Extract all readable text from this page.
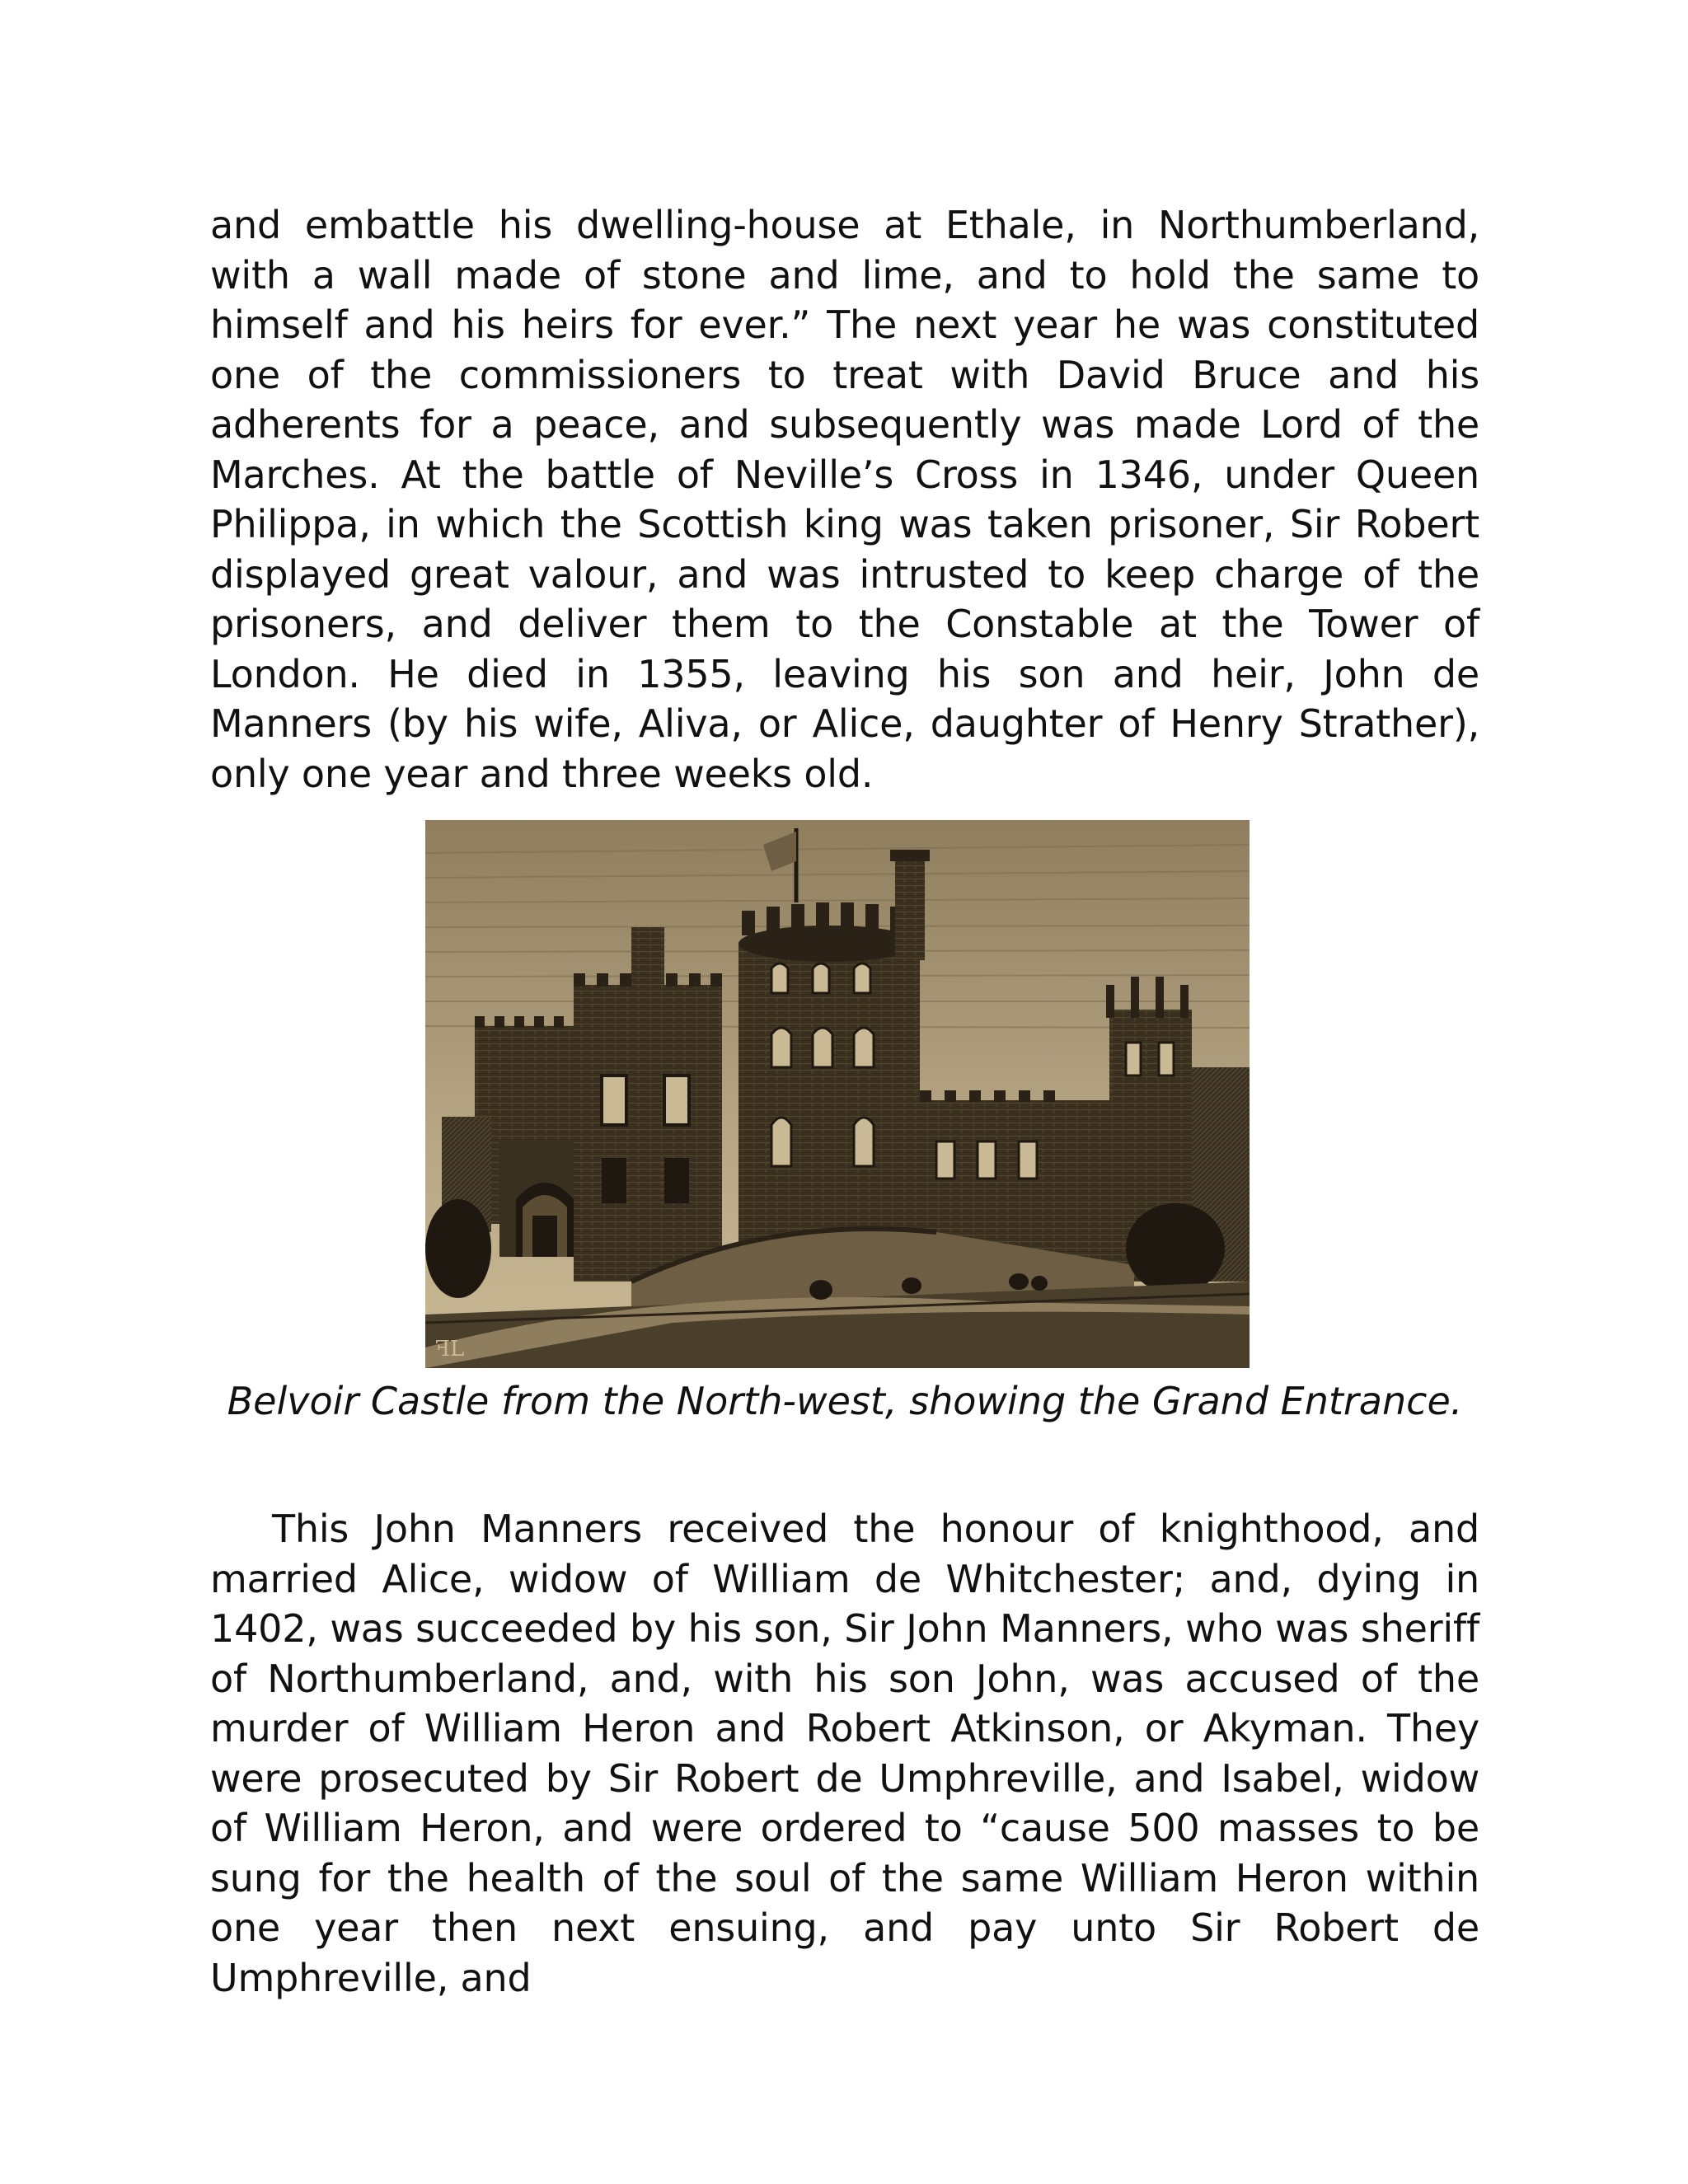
and embattle his dwelling-house at Ethale, in Northumberland, with a wall made of stone and lime, and to hold the same to himself and his heirs for ever.” The next year he was constituted one of the commissioners to treat with David Bruce and his adherents for a peace, and subsequently was made Lord of the Marches. At the battle of Neville’s Cross in 1346, under Queen Philippa, in which the Scottish king was taken prisoner, Sir Robert displayed great valour, and was intrusted to keep charge of the prisoners, and deliver them to the Constable at the Tower of London. He died in 1355, leaving his son and heir, John de Manners (by his wife, Aliva, or Alice, daughter of Henry Strather), only one year and three weeks old.

ꟻL
Belvoir Castle from the North-west, showing the Grand Entrance.

This John Manners received the honour of knighthood, and married Alice, widow of William de Whitchester; and, dying in 1402, was succeeded by his son, Sir John Manners, who was sheriff of Northumberland, and, with his son John, was accused of the murder of William Heron and Robert Atkinson, or Akyman. They were prosecuted by Sir Robert de Umphreville, and Isabel, widow of William Heron, and were ordered to “cause 500 masses to be sung for the health of the soul of the same William Heron within one year then next ensuing, and pay unto Sir Robert de Umphreville, and
